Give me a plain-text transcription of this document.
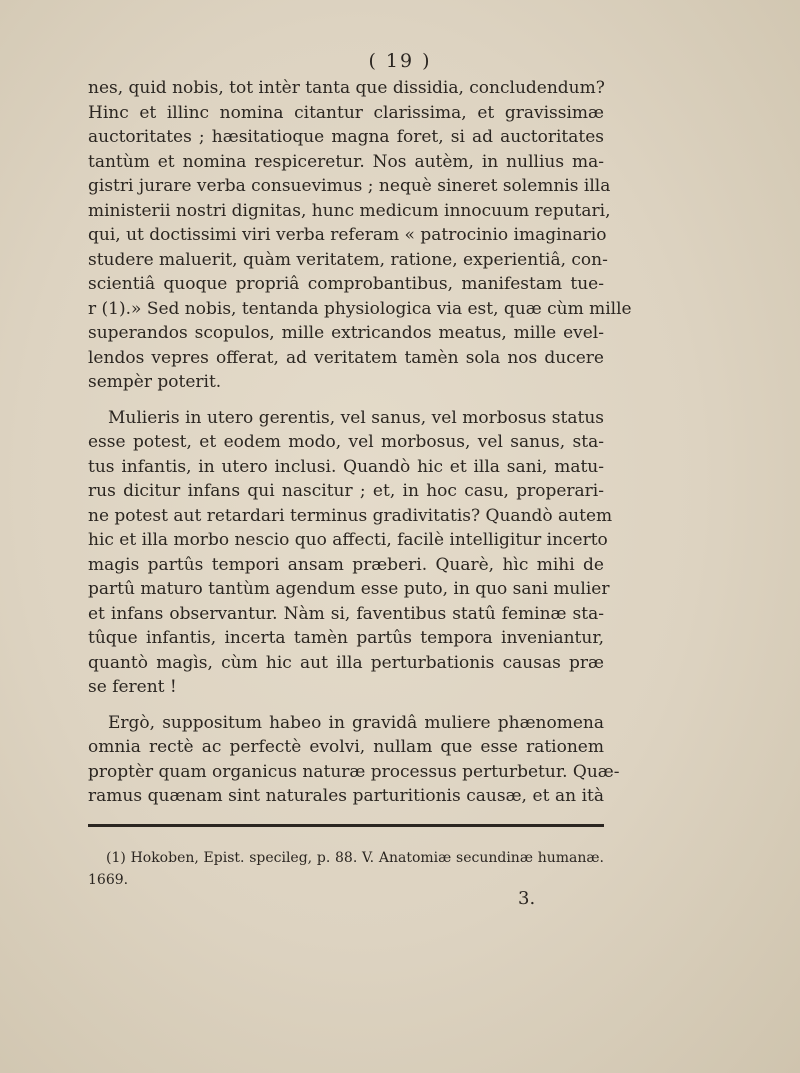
( 19 )
nes, quid nobis, tot intèr tanta que dissidia, concludendum?
Hinc et illinc nomina citantur clarissima, et gravissimæ
auctoritates ; hæsitatioque magna foret, si ad auctoritates
tantùm et nomina respiceretur. Nos autèm, in nullius ma-
gistri jurare verba consuevimus ; nequè sineret solemnis illa
ministerii nostri dignitas, hunc medicum innocuum reputari,
qui, ut doctissimi viri verba referam « patrocinio imaginario
studere maluerit, quàm veritatem, ratione, experientiâ, con-
scientiâ quoque propriâ comprobantibus, manifestam tue-
r (1).» Sed nobis, tentanda physiologica via est, quæ cùm mille
superandos scopulos, mille extricandos meatus, mille evel-
lendos vepres offerat, ad veritatem tamèn sola nos ducere
sempèr poterit.
Mulieris in utero gerentis, vel sanus, vel morbosus status
esse potest, et eodem modo, vel morbosus, vel sanus, sta-
tus infantis, in utero inclusi. Quandò hic et illa sani, matu-
rus dicitur infans qui nascitur ; et, in hoc casu, properari-
ne potest aut retardari terminus gradivitatis? Quandò autem
hic et illa morbo nescio quo affecti, facilè intelligitur incerto
magis partûs tempori ansam præberi. Quarè, hìc mihi de
partû maturo tantùm agendum esse puto, in quo sani mulier
et infans observantur. Nàm si, faventibus statû feminæ sta-
tûque infantis, incerta tamèn partûs tempora inveniantur,
quantò magìs, cùm hic aut illa perturbationis causas præ
se ferent !
Ergò, suppositum habeo in gravidâ muliere phænomena
omnia rectè ac perfectè evolvi, nullam que esse rationem
proptèr quam organicus naturæ processus perturbetur. Quæ-
ramus quænam sint naturales parturitionis causæ, et an ità
(1) Hokoben, Epist. specileg, p. 88. V. Anatomiæ secundinæ humanæ.
1669.
3.
